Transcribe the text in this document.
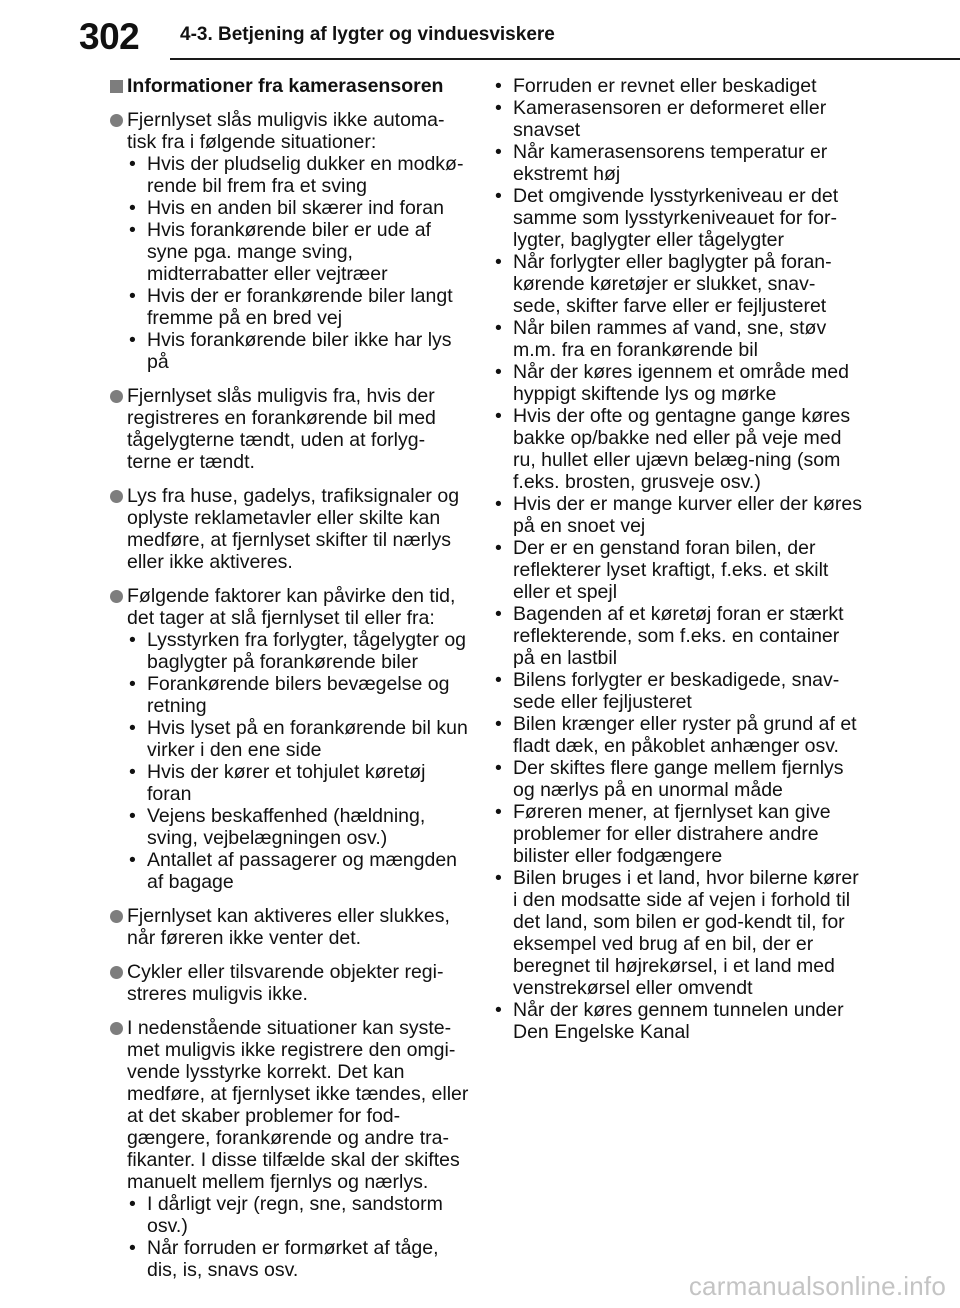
302 4-3. Betjening af lygter og vinduesviskere
Informationer fra kamerasensoren
Fjernlyset slås muligvis ikke automa-tisk fra i følgende situationer:
• Hvis der pludselig dukker en modkø-rende bil frem fra et sving
• Hvis en anden bil skærer ind foran
• Hvis forankørende biler er ude af syne pga. mange sving, midterrabatter eller vejtræer
• Hvis der er forankørende biler langt fremme på en bred vej
• Hvis forankørende biler ikke har lys på
Fjernlyset slås muligvis fra, hvis der registreres en forankørende bil med tågelygterne tændt, uden at forlyg-terne er tændt.
Lys fra huse, gadelys, trafiksignaler og oplyste reklametavler eller skilte kan medføre, at fjernlyset skifter til nærlys eller ikke aktiveres.
Følgende faktorer kan påvirke den tid, det tager at slå fjernlyset til eller fra:
• Lysstyrken fra forlygter, tågelygter og baglygter på forankørende biler
• Forankørende bilers bevægelse og retning
• Hvis lyset på en forankørende bil kun virker i den ene side
• Hvis der kører et tohjulet køretøj foran
• Vejens beskaffenhed (hældning, sving, vejbelægningen osv.)
• Antallet af passagerer og mængden af bagage
Fjernlyset kan aktiveres eller slukkes, når føreren ikke venter det.
Cykler eller tilsvarende objekter regi-streres muligvis ikke.
I nedenstående situationer kan syste-met muligvis ikke registrere den omgi-vende lysstyrke korrekt. Det kan medføre, at fjernlyset ikke tændes, eller at det skaber problemer for fod-gængere, forankørende og andre tra-fikanter. I disse tilfælde skal der skiftes manuelt mellem fjernlys og nærlys.
• I dårligt vejr (regn, sne, sandstorm osv.)
• Når forruden er formørket af tåge, dis, is, snavs osv.
• Forruden er revnet eller beskadiget
• Kamerasensoren er deformeret eller snavset
• Når kamerasensorens temperatur er ekstremt høj
• Det omgivende lysstyrkeniveau er det samme som lysstyrkeniveauet for for-lygter, baglygter eller tågelygter
• Når forlygter eller baglygter på foran-kørende køretøjer er slukket, snav-sede, skifter farve eller er fejljusteret
• Når bilen rammes af vand, sne, støv m.m. fra en forankørende bil
• Når der køres igennem et område med hyppigt skiftende lys og mørke
• Hvis der ofte og gentagne gange køres bakke op/bakke ned eller på veje med ru, hullet eller ujævn belæg-ning (som f.eks. brosten, grusveje osv.)
• Hvis der er mange kurver eller der køres på en snoet vej
• Der er en genstand foran bilen, der reflekterer lyset kraftigt, f.eks. et skilt eller et spejl
• Bagenden af et køretøj foran er stærkt reflekterende, som f.eks. en container på en lastbil
• Bilens forlygter er beskadigede, snav-sede eller fejljusteret
• Bilen krænger eller ryster på grund af et fladt dæk, en påkoblet anhænger osv.
• Der skiftes flere gange mellem fjernlys og nærlys på en unormal måde
• Føreren mener, at fjernlyset kan give problemer for eller distrahere andre bilister eller fodgængere
• Bilen bruges i et land, hvor bilerne kører i den modsatte side af vejen i forhold til det land, som bilen er god-kendt til, for eksempel ved brug af en bil, der er beregnet til højrekørsel, i et land med venstrekørsel eller omvendt
• Når der køres gennem tunnelen under Den Engelske Kanal
carmanualsonline.info
